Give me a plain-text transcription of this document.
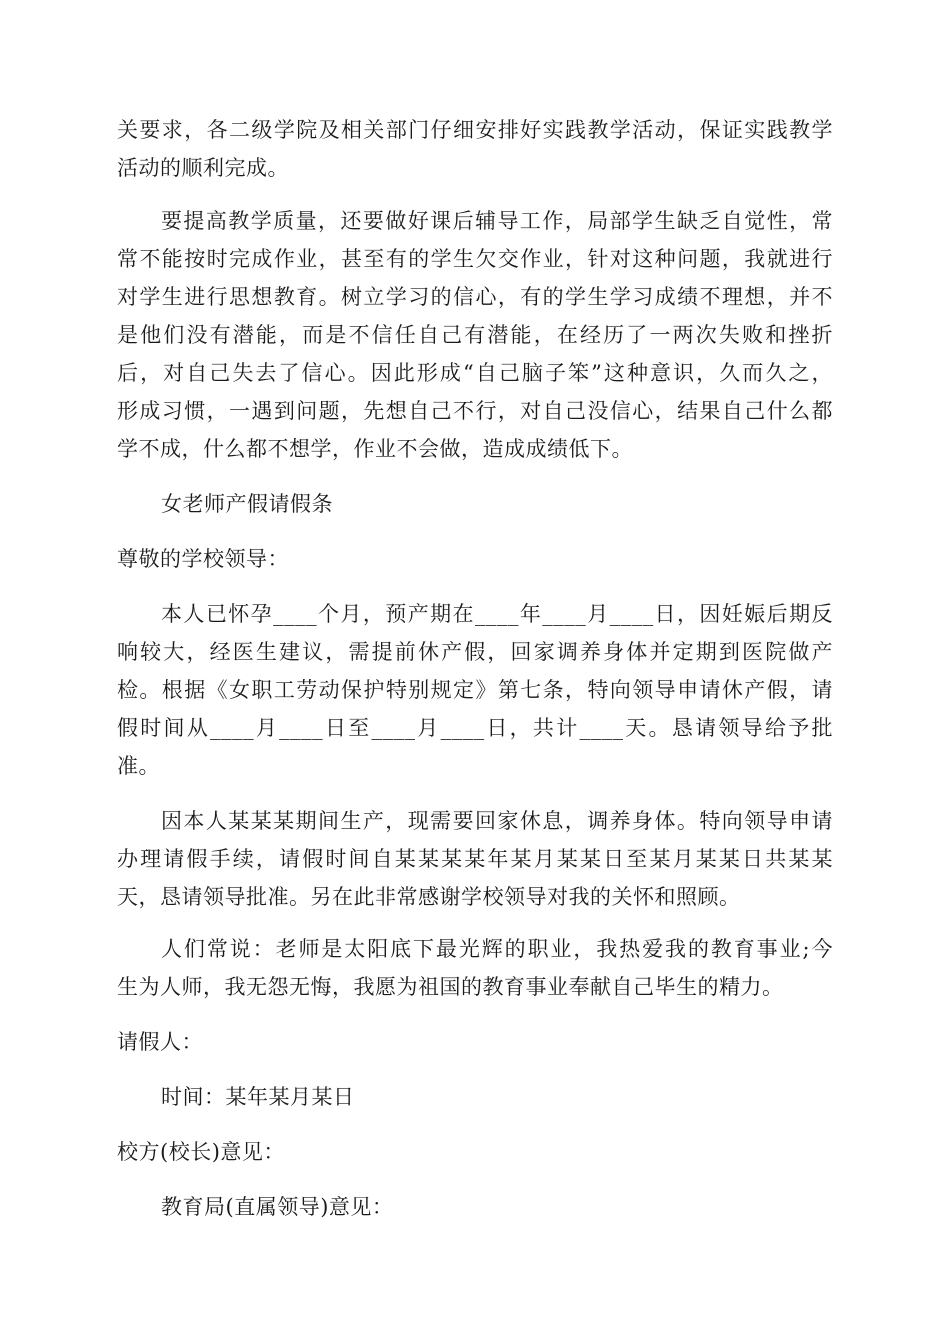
关要求，各二级学院及相关部门仔细安排好实践教学活动，保证实践教学
活动的顺利完成。
要提高教学质量，还要做好课后辅导工作，局部学生缺乏自觉性，常
常不能按时完成作业，甚至有的学生欠交作业，针对这种问题，我就进行
对学生进行思想教育。树立学习的信心，有的学生学习成绩不理想，并不
是他们没有潜能，而是不信任自己有潜能，在经历了一两次失败和挫折
后，对自己失去了信心。因此形成“自己脑子笨”这种意识，久而久之，
形成习惯，一遇到问题，先想自己不行，对自己没信心，结果自己什么都
学不成，什么都不想学，作业不会做，造成成绩低下。
女老师产假请假条
尊敬的学校领导：
本人已怀孕____个月，预产期在____年____月____日，因妊娠后期反
响较大，经医生建议，需提前休产假，回家调养身体并定期到医院做产
检。根据《女职工劳动保护特别规定》第七条，特向领导申请休产假，请
假时间从____月____日至____月____日，共计____天。恳请领导给予批
准。
因本人某某某期间生产，现需要回家休息，调养身体。特向领导申请
办理请假手续，请假时间自某某某某年某月某某日至某月某某日共某某
天，恳请领导批准。另在此非常感谢学校领导对我的关怀和照顾。
人们常说：老师是太阳底下最光辉的职业，我热爱我的教育事业;今
生为人师，我无怨无悔，我愿为祖国的教育事业奉献自己毕生的精力。
请假人：
时间：某年某月某日
校方(校长)意见：
教育局(直属领导)意见：
